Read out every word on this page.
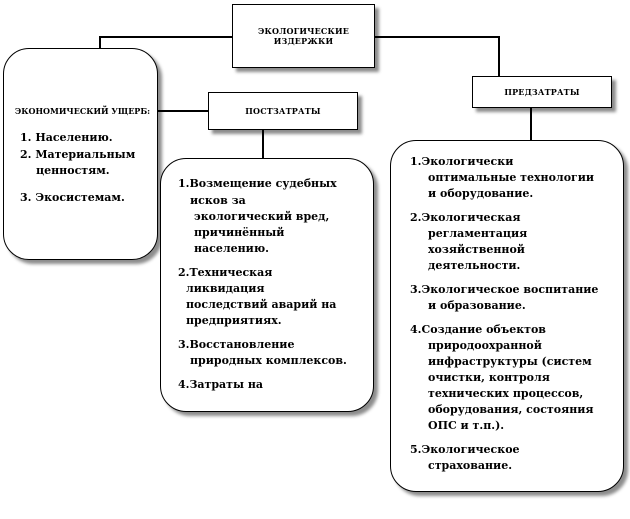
ЭКОЛОГИЧЕСКИЕ ИЗДЕРЖКИ
ЭКОНОМИЧЕСКИЙ УЩЕРБ:
1. Населению.
2. Материальным
ценностям.
3. Экосистемам.
ПОСТЗАТРАТЫ
1.Возмещение судебных
исков за
экологический вред,
причинённый
населению.
2.Техническая
ликвидация
последствий аварий на
предприятиях.
3.Восстановление
природных комплексов.
4.Затраты на
ПРЕДЗАТРАТЫ
1.Экологически
оптимальные технологии
и оборудование.
2.Экологическая
регламентация
хозяйственной
деятельности.
3.Экологическое воспитание
и образование.
4.Создание объектов
природоохранной
инфраструктуры (систем
очистки, контроля
технических процессов,
оборудования, состояния
ОПС и т.п.).
5.Экологическое
страхование.
